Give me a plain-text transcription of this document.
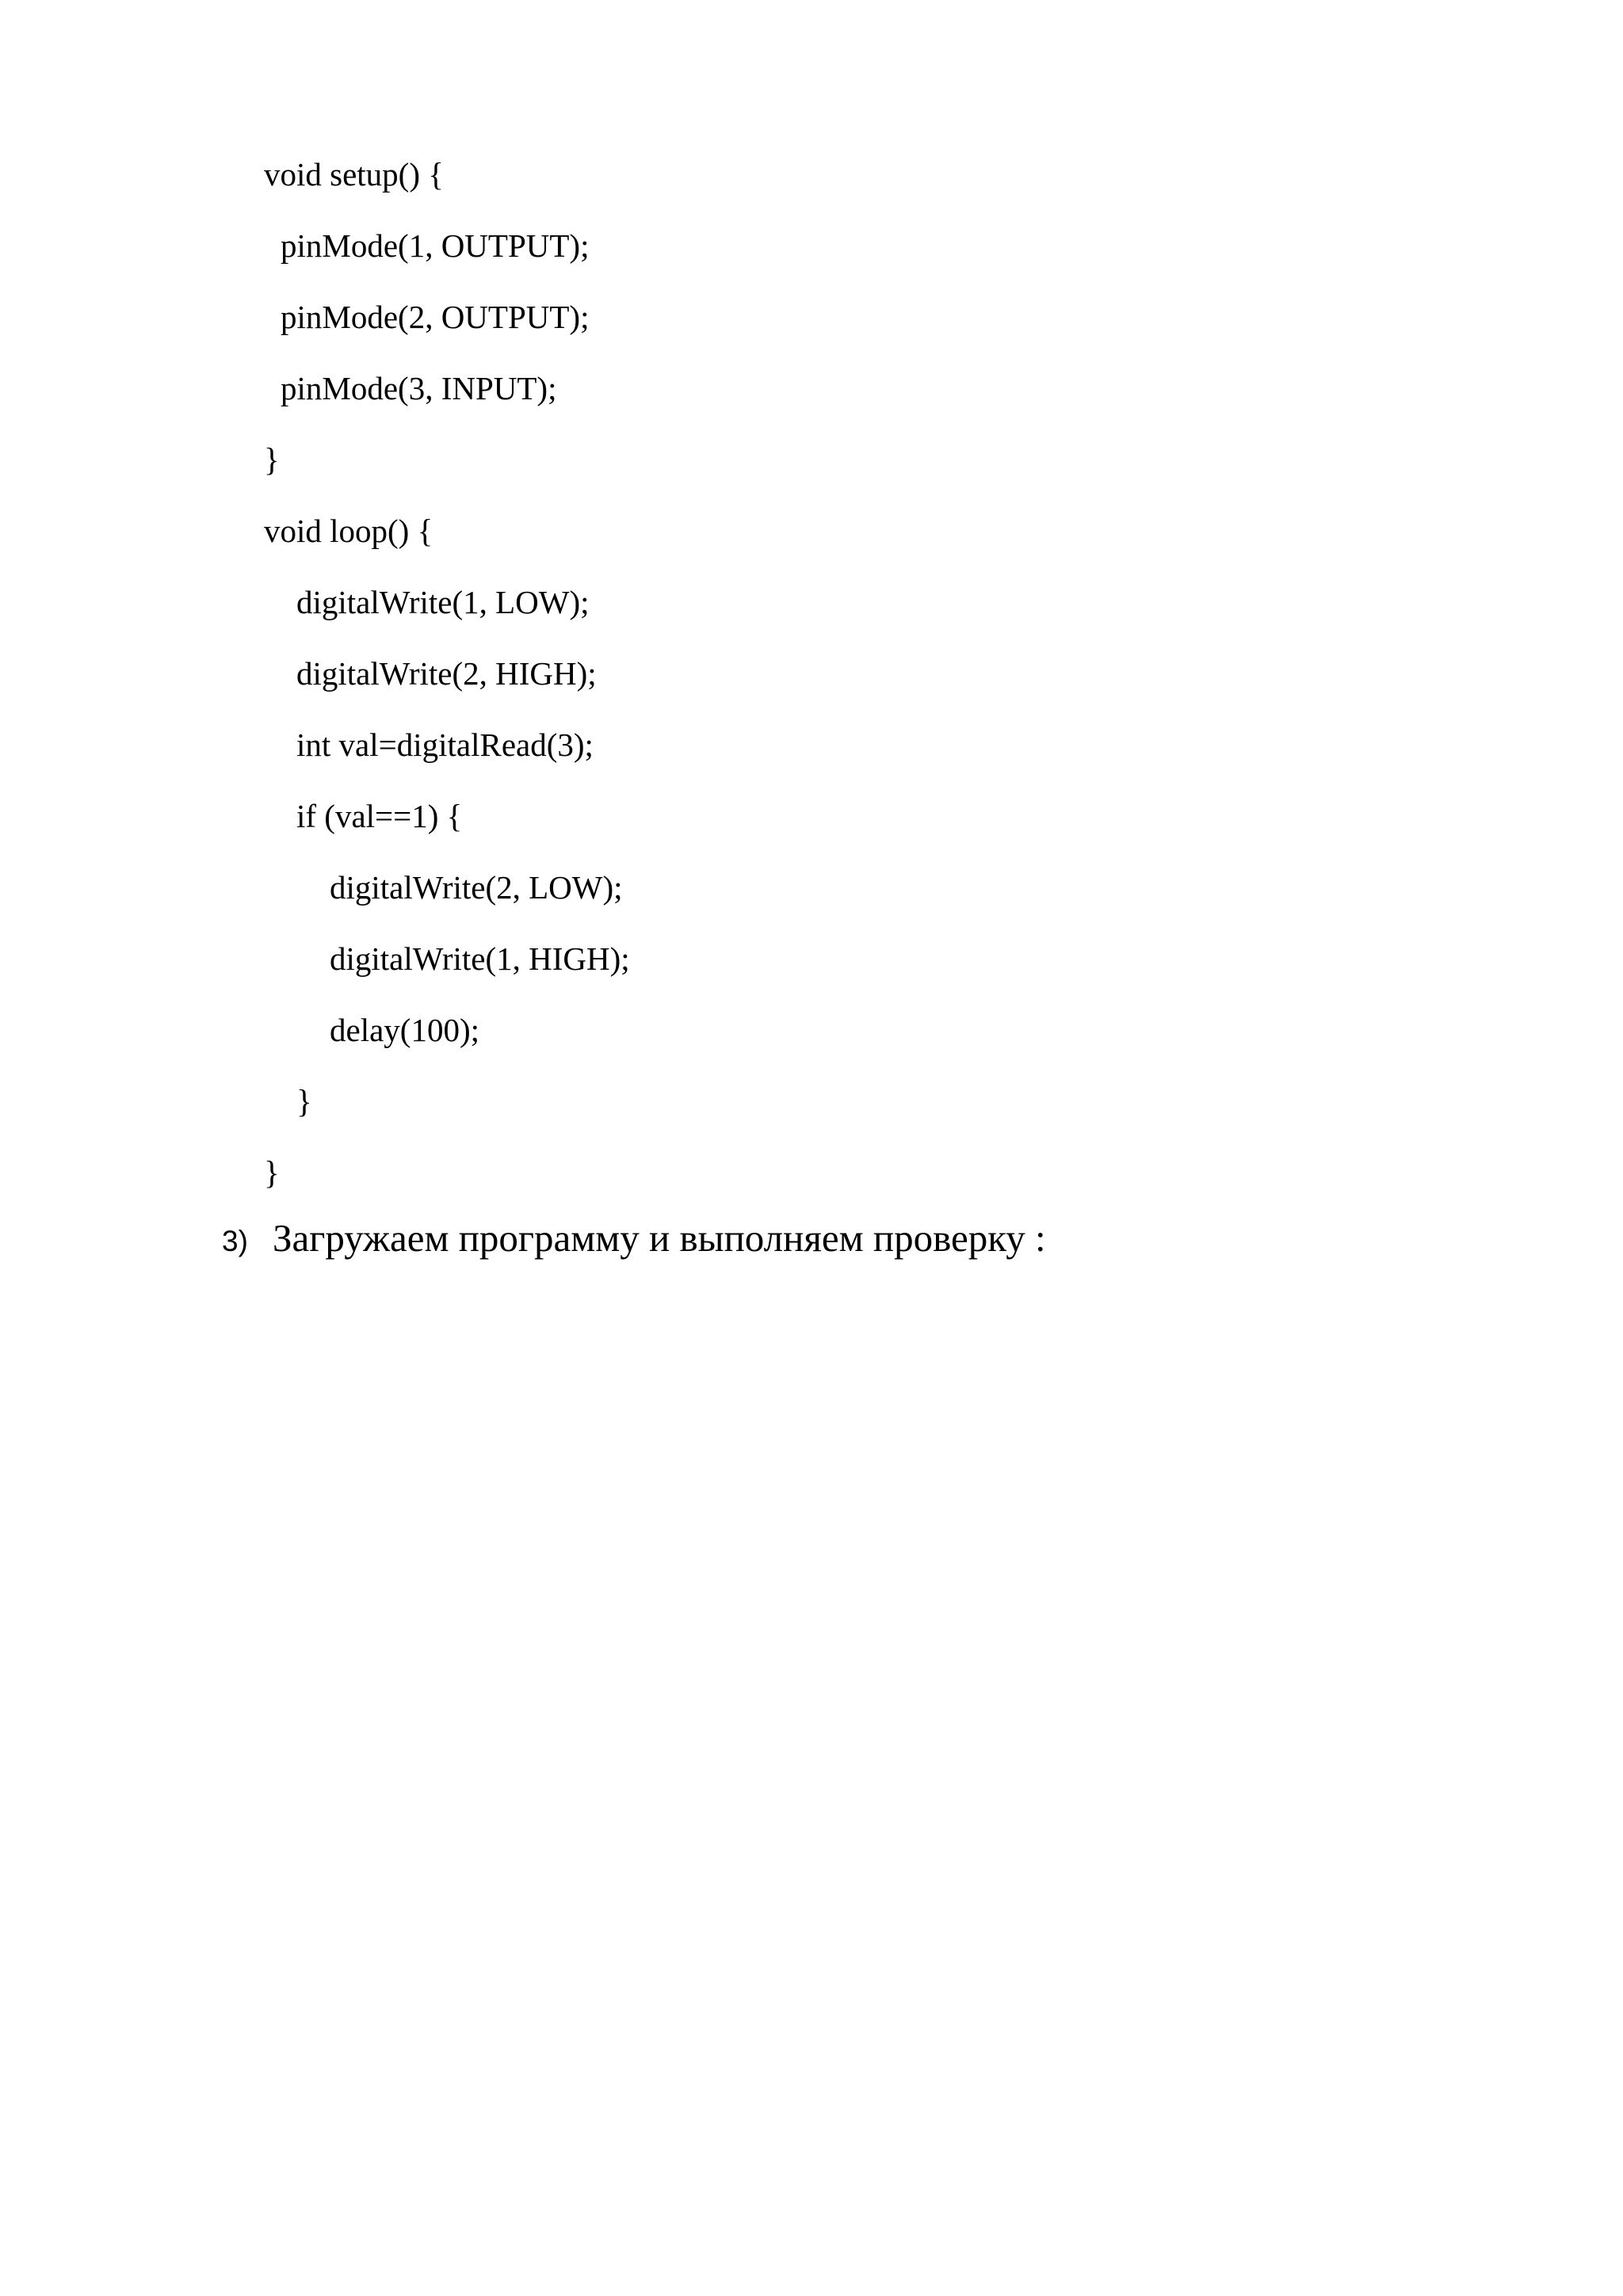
void setup() {
pinMode(1, OUTPUT);
pinMode(2, OUTPUT);
pinMode(3, INPUT);
}
void loop() {
digitalWrite(1, LOW);
digitalWrite(2, HIGH);
int val=digitalRead(3);
if (val==1) {
digitalWrite(2, LOW);
digitalWrite(1, HIGH);
delay(100);
}
}
3) Загружаем программу и выполняем проверку :
